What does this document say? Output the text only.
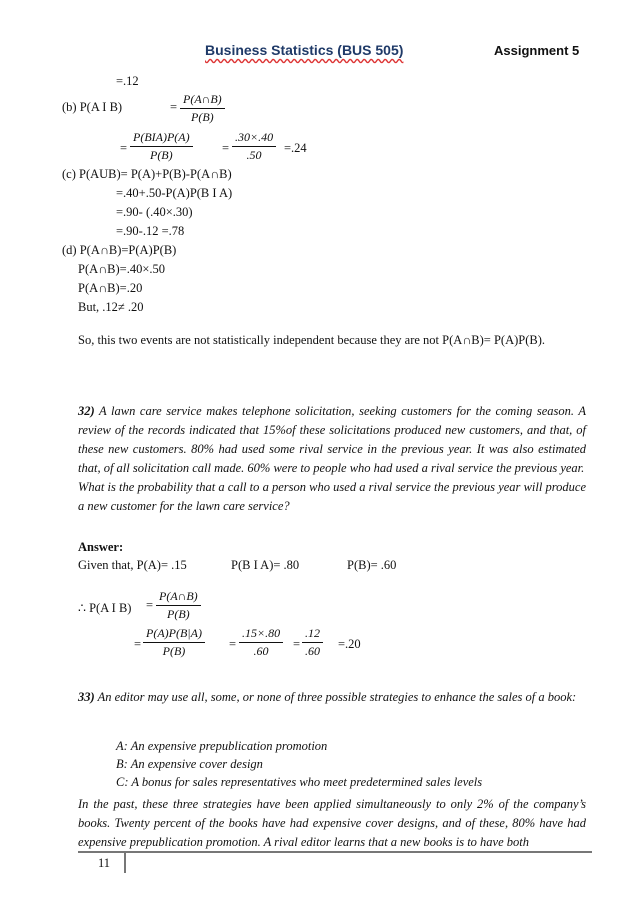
Business Statistics (BUS 505)	Assignment 5
=.12
(b) P(A I B)	= $\frac{P(A\cap B)}{P(B)}$
=
P(BIA)P(A)
P(B)	= $\frac{.30\times.40}{.50} =.24$
(c) P(AUB)= P(A)+P(B)-P(A∩B)
=.40+.50-P(A)P(B I A)
=.90- (.40×.30)
=.90-.12 =.78
(d) P(A∩B)=P(A)P(B)
P(A∩B)=.40×.50
P(A∩B)=.20
But, .12≠ .20
So, this two events are not statistically independent because they are not P(A∩B)= P(A)P(B).
32) A lawn care service makes telephone solicitation, seeking customers for the coming season. A review of the records indicated that 15%of these solicitations produced new customers, and that, of these new customers. 80% had used some rival service in the previous year. It was also estimated that, of all solicitation call made. 60% were to people who had used a rival service the previous year.
What is the probability that a call to a person who used a rival service the previous year will produce a new customer for the lawn care service?
Answer:
Given that, P(A)= .15	P(B I A)= .80	P(B)= .60
∴ P(A I $B) = \frac{P(A\cap B)}{P(B)}$
= $\frac{P(A)P(B|A)}{P(B)} = \frac{.15\times.80}{.60} = \frac{.12}{.60} =.20$
33) An editor may use all, some, or none of three possible strategies to enhance the sales of a book:
A: An expensive prepublication promotion
B: An expensive cover design
C: A bonus for sales representatives who meet predetermined sales levels
In the past, these three strategies have been applied simultaneously to only 2% of the company’s books. Twenty percent of the books have had expensive cover designs, and of these, 80% have had expensive prepublication promotion. A rival editor learns that a new books is to have both
11
